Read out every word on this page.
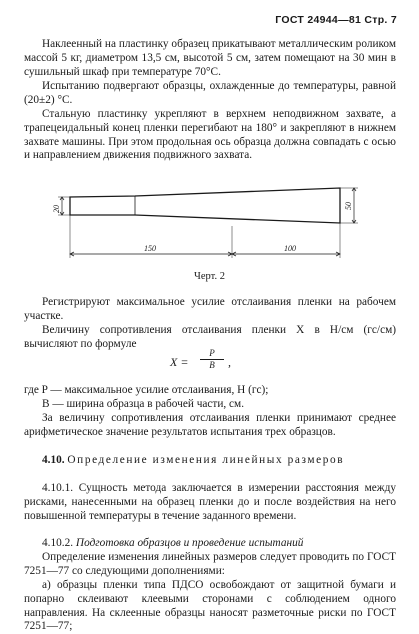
ГОСТ 24944—81 Стр. 7

Наклеенный на пластинку образец прикатывают металлическим роликом массой 5 кг, диаметром 13,5 см, высотой 5 см, затем помещают на 30 мин в сушильный шкаф при температуре 70°С.

Испытанию подвергают образцы, охлажденные до температуры, равной (20±2) °С.

Стальную пластинку укрепляют в верхнем неподвижном захвате, а трапецеидальный конец пленки перегибают на 180° и закрепляют в нижнем захвате машины. При этом продольная ось образца должна совпадать с осью и направлением движения подвижного захвата.

20	50
150	100
Черт. 2

Регистрируют максимальное усилие отслаивания пленки на рабочем участке.

Величину сопротивления отслаивания пленки X в Н/см (гс/см) вычисляют по формуле

X =
P
B	,

где P — максимальное усилие отслаивания, Н (гс);

B — ширина образца в рабочей части, см.

За величину сопротивления отслаивания пленки принимают среднее арифметическое значение результатов испытания трех образцов.

4.10. Определение изменения линейных размеров

4.10.1. Сущность метода заключается в измерении расстояния между рисками, нанесенными на образец пленки до и после воздействия на него повышенной температуры в течение заданного времени.

4.10.2. Подготовка образцов и проведение испытаний

Определение изменения линейных размеров следует проводить по ГОСТ 7251—77 со следующими дополнениями:

а) образцы пленки типа ПДСО освобождают от защитной бумаги и попарно склеивают клеевыми сторонами с соблюдением одного направления. На склеенные образцы наносят разметочные риски по ГОСТ 7251—77;
